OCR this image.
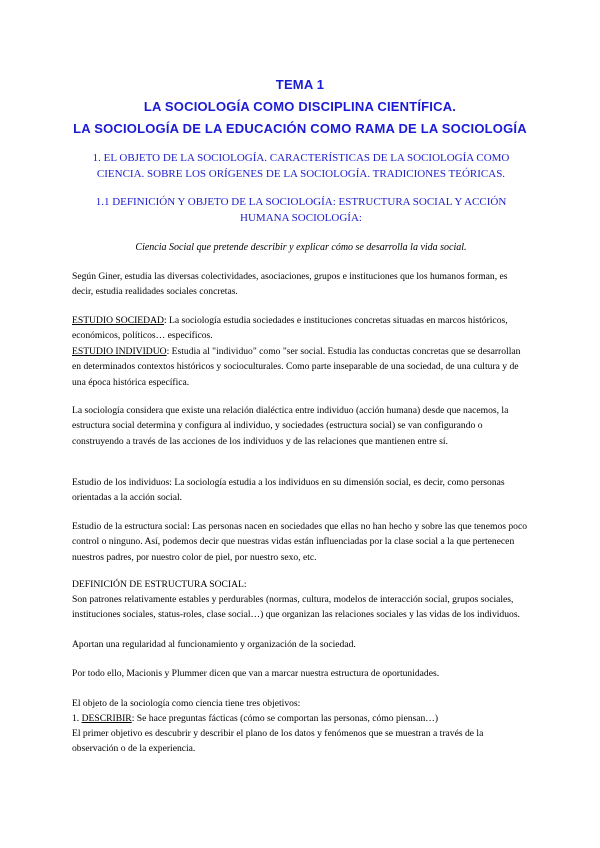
TEMA 1
LA SOCIOLOGÍA COMO DISCIPLINA CIENTÍFICA.
LA SOCIOLOGÍA DE LA EDUCACIÓN COMO RAMA DE LA SOCIOLOGÍA
1. EL OBJETO DE LA SOCIOLOGÍA. CARACTERÍSTICAS DE LA SOCIOLOGÍA COMO CIENCIA. SOBRE LOS ORÍGENES DE LA SOCIOLOGÍA. TRADICIONES TEÓRICAS.
1.1 DEFINICIÓN Y OBJETO DE LA SOCIOLOGÍA: ESTRUCTURA SOCIAL Y ACCIÓN HUMANA SOCIOLOGÍA:
Ciencia Social que pretende describir y explicar cómo se desarrolla la vida social.

Según Giner, estudia las diversas colectividades, asociaciones, grupos e instituciones que los humanos forman, es decir, estudia realidades sociales concretas.

ESTUDIO SOCIEDAD: La sociología estudia sociedades e instituciones concretas situadas en marcos históricos, económicos, políticos… específicos.

ESTUDIO INDIVIDUO: Estudia al "individuo" como "ser social. Estudia las conductas concretas que se desarrollan en determinados contextos históricos y socioculturales. Como parte inseparable de una sociedad, de una cultura y de una época histórica específica.

La sociología considera que existe una relación dialéctica entre individuo (acción humana) desde que nacemos, la estructura social determina y configura al individuo, y sociedades (estructura social) se van configurando o construyendo a través de las acciones de los individuos y de las relaciones que mantienen entre sí.

Estudio de los individuos: La sociología estudia a los individuos en su dimensión social, es decir, como personas orientadas a la acción social.

Estudio de la estructura social: Las personas nacen en sociedades que ellas no han hecho y sobre las que tenemos poco control o ninguno. Así, podemos decir que nuestras vidas están influenciadas por la clase social a la que pertenecen nuestros padres, por nuestro color de piel, por nuestro sexo, etc.

DEFINICIÓN DE ESTRUCTURA SOCIAL:

Son patrones relativamente estables y perdurables (normas, cultura, modelos de interacción social, grupos sociales, instituciones sociales, status-roles, clase social…) que organizan las relaciones sociales y las vidas de los individuos.

Aportan una regularidad al funcionamiento y organización de la sociedad.

Por todo ello, Macionis y Plummer dicen que van a marcar nuestra estructura de oportunidades.

El objeto de la sociología como ciencia tiene tres objetivos:

1. DESCRIBIR: Se hace preguntas fácticas (cómo se comportan las personas, cómo piensan…)

El primer objetivo es descubrir y describir el plano de los datos y fenómenos que se muestran a través de la observación o de la experiencia.
